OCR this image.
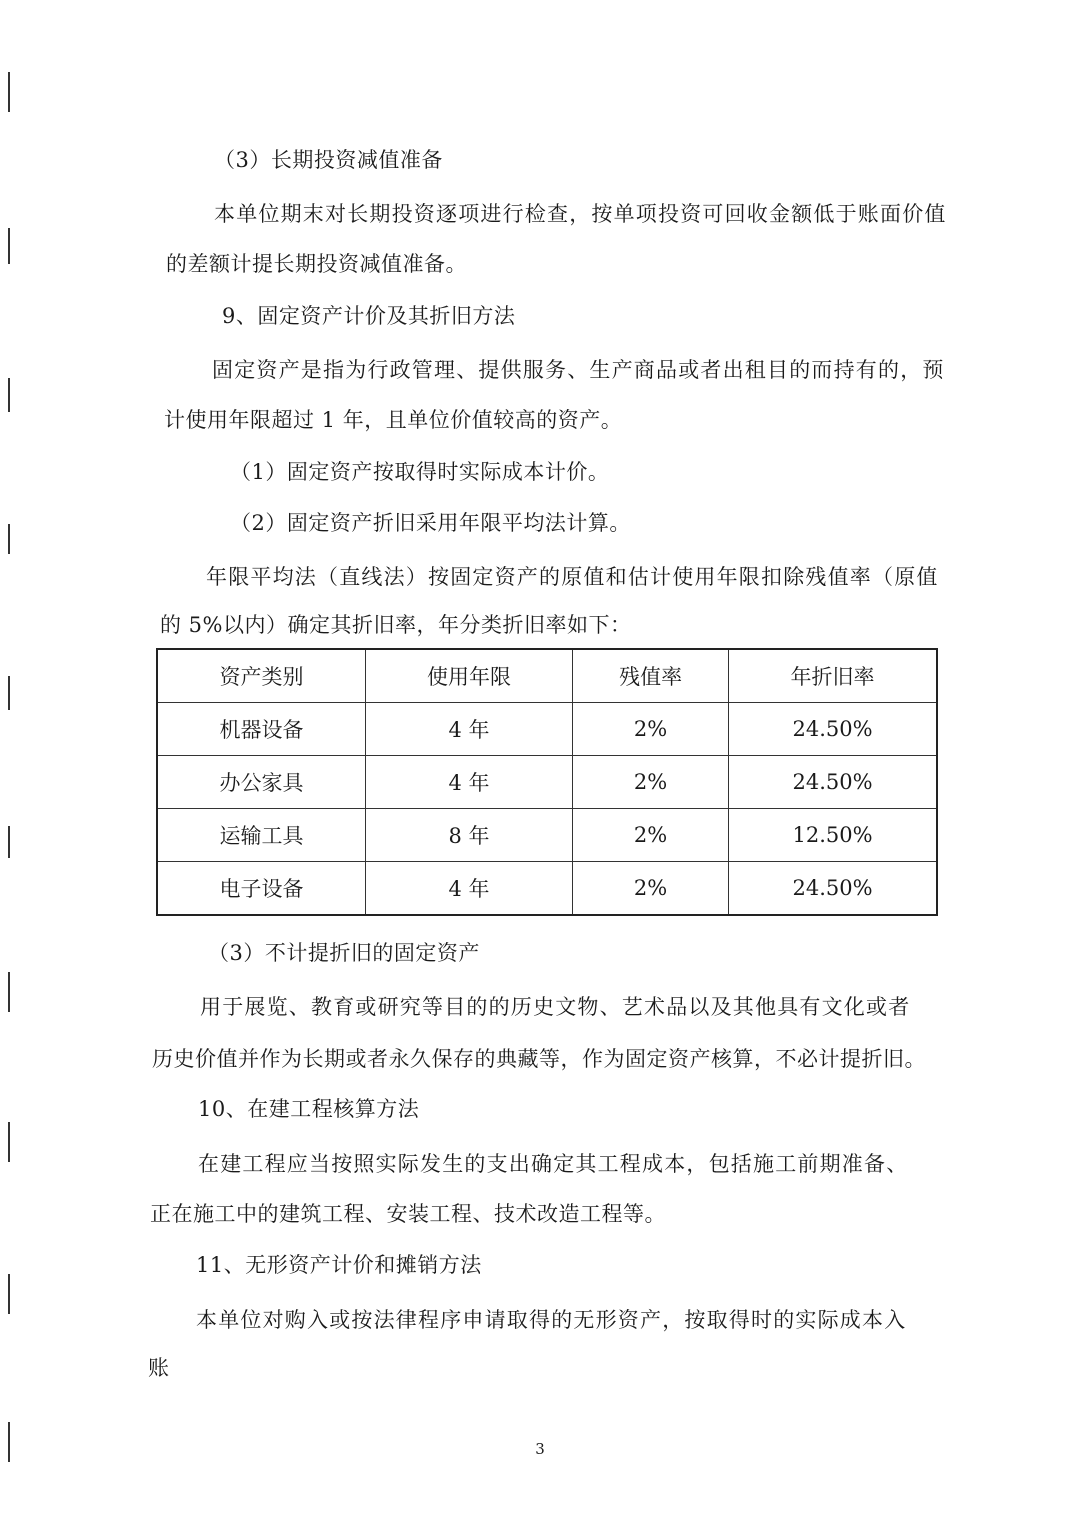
（3）长期投资减值准备
本单位期末对长期投资逐项进行检查，按单项投资可回收金额低于账面价值
的差额计提长期投资减值准备。
9、固定资产计价及其折旧方法
固定资产是指为行政管理、提供服务、生产商品或者出租目的而持有的，预
计使用年限超过 1 年，且单位价值较高的资产。
（1）固定资产按取得时实际成本计价。
（2）固定资产折旧采用年限平均法计算。
年限平均法（直线法）按固定资产的原值和估计使用年限扣除残值率（原值
的 5%以内）确定其折旧率，年分类折旧率如下：
资产类别	使用年限	残值率	年折旧率
机器设备	4 年	2%	24.50%
办公家具	4 年	2%	24.50%
运输工具	8 年	2%	12.50%
电子设备	4 年	2%	24.50%
（3）不计提折旧的固定资产
用于展览、教育或研究等目的的历史文物、艺术品以及其他具有文化或者
历史价值并作为长期或者永久保存的典藏等，作为固定资产核算，不必计提折旧。
10、在建工程核算方法
在建工程应当按照实际发生的支出确定其工程成本，包括施工前期准备、
正在施工中的建筑工程、安装工程、技术改造工程等。
11、无形资产计价和摊销方法
本单位对购入或按法律程序申请取得的无形资产，按取得时的实际成本入
账
3
